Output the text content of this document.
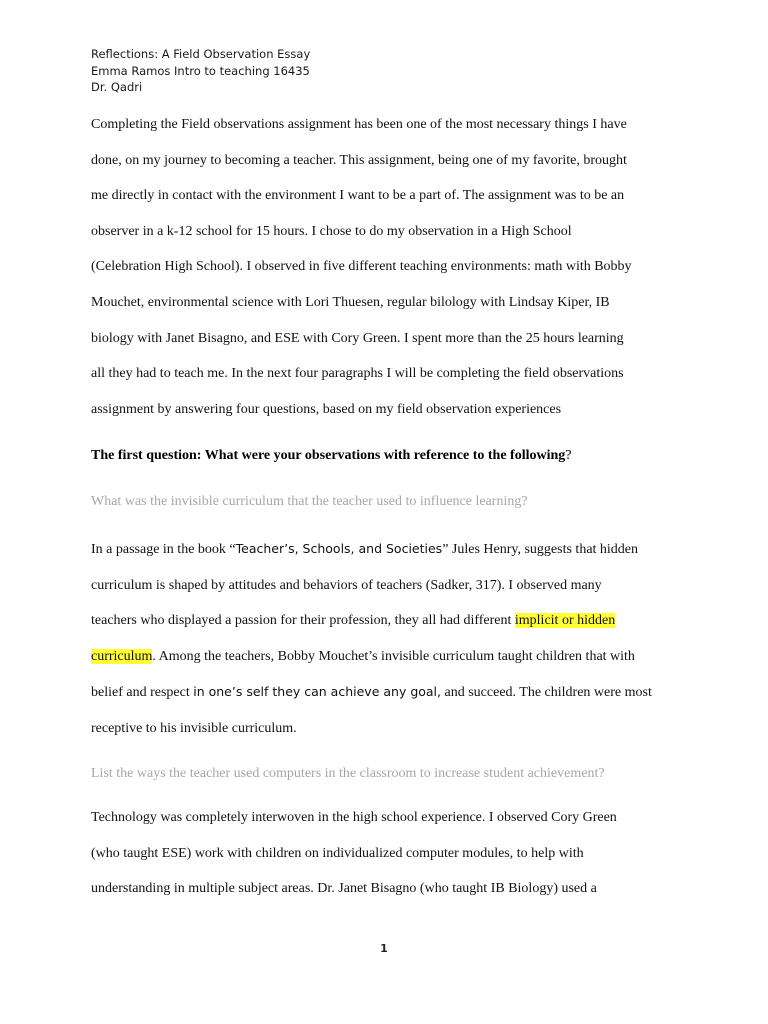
Reflections: A Field Observation Essay
Emma Ramos Intro to teaching 16435
Dr. Qadri
Completing the Field observations assignment has been one of the most necessary things I have
done, on my journey to becoming a teacher. This assignment, being one of my favorite, brought
me directly in contact with the environment I want to be a part of. The assignment was to be an
observer in a k-12 school for 15 hours. I chose to do my observation in a High School
(Celebration High School). I observed in five different teaching environments: math with Bobby
Mouchet, environmental science with Lori Thuesen, regular bilology with Lindsay Kiper, IB
biology with Janet Bisagno, and ESE with Cory Green. I spent more than the 25 hours learning
all they had to teach me. In the next four paragraphs I will be completing the field observations
assignment by answering four questions, based on my field observation experiences
The first question: What were your observations with reference to the following?
What was the invisible curriculum that the teacher used to influence learning?
In a passage in the book “Teacher’s, Schools, and Societies” Jules Henry, suggests that hidden
curriculum is shaped by attitudes and behaviors of teachers (Sadker, 317). I observed many
teachers who displayed a passion for their profession, they all had different implicit or hidden
curriculum. Among the teachers, Bobby Mouchet’s invisible curriculum taught children that with
belief and respect in one’s self they can achieve any goal, and succeed. The children were most
receptive to his invisible curriculum.
List the ways the teacher used computers in the classroom to increase student achievement?
Technology was completely interwoven in the high school experience. I observed Cory Green
(who taught ESE) work with children on individualized computer modules, to help with
understanding in multiple subject areas. Dr. Janet Bisagno (who taught IB Biology) used a
1
